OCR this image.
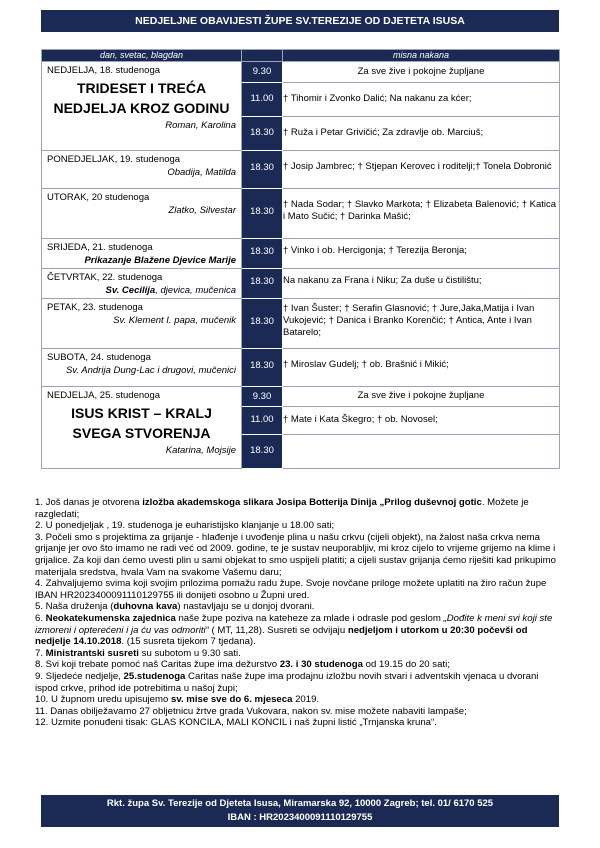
NEDJELJNE OBAVIJESTI ŽUPE SV.TEREZIJE OD DJETETA ISUSA
dan, svetac, blagdan		misna nakana

NEDJELJA, 18. studenoga
TRIDESET I TREĆA NEDJELJA KROZ GODINU
Roman, Karolina	9.30	Za sve žive i pokojne župljane

11.00	† Tihomir i Zvonko Dalić; Na nakanu za kćer;

18.30	† Ruža i Petar Grivičić; Za zdravlje ob. Marciuš;

PONEDJELJAK, 19. studenoga
Obadija, Matilda	18.30	† Josip Jambrec; † Stjepan Kerovec i roditelji;† Tonela Dobronić

UTORAK, 20 studenoga
Zlatko, Silvestar	18.30	† Nada Sodar; † Slavko Markota; † Elizabeta Balenović; † Katica i Mato Sučić; † Darinka Mašić;

SRIJEDA, 21. studenoga
Prikazanje Blažene Djevice Marije	18.30	† Vinko i ob. Hercigonja; † Terezija Beronja;

ČETVRTAK, 22. studenoga
Sv. Cecilija, djevica, mučenica	18.30	Na nakanu za Frana i Niku; Za duše u čistilištu;

PETAK, 23. studenoga
Sv. Klement I. papa, mučenik	18.30	† Ivan Šuster; † Serafin Glasnović; † Jure,Jaka,Matija i Ivan Vukojević; † Danica i Branko Korenčić; † Antica, Ante i Ivan Batarelo;

SUBOTA, 24. studenoga
Sv. Andrija Dung-Lac i drugovi, mučenici	18.30	† Miroslav Gudelj; † ob. Brašnić i Mikić;

NEDJELJA, 25. studenoga
ISUS KRIST – KRALJ SVEGA STVORENJA
Katarina, Mojsije	9.30	Za sve žive i pokojne župljane

11.00	† Mate i Kata Škegro; † ob. Novosel;

18.30	

1. Još danas je otvorena izložba akademskoga slikara Josipa Botterija Dinija „Prilog duševnoj gotic. Možete je razgledati;

2. U ponedjeljak , 19. studenoga je euharistijsko klanjanje u 18.00 sati;

3. Počeli smo s projektima za grijanje - hlađenje i uvođenje plina u našu crkvu (cijeli objekt), na žalost naša crkva nema grijanje jer ovo što imamo ne radi već od 2009. godine, te je sustav neuporabljiv, mi kroz cijelo to vrijeme grijemo na klime i grijalice. Za koji dan ćemo uvesti plin u sami objekat to smo uspijeli platiti; a cijeli sustav grijanja ćemo riješiti kad prikupimo materijala sredstva, hvala Vam na svakome Vašemu daru;

4. Zahvaljujemo svima koji svojim prilozima pomažu radu župe. Svoje novčane priloge možete uplatiti na žiro račun župe IBAN HR2023400091110129755 ili donijeti osobno u Župni ured.

5. Naša druženja (duhovna kava) nastavljaju se u donjoj dvorani.

6. Neokatekumenska zajednica naše župe poziva na kateheze za mlade i odrasle pod geslom „Dođite k meni svi koji ste izmoreni i opterećeni i ja ću vas odmoriti“ ( MT, 11,28). Susreti se odvijaju nedjeljom i utorkom u 20:30 počevši od nedjelje 14.10.2018. (15 susreta tijekom 7 tjedana).

7. Ministrantski susreti su subotom u 9.30 sati.

8. Svi koji trebate pomoć naš Caritas župe ima dežurstvo 23. i 30 studenoga od 19.15 do 20 sati;

9. Sljedeće nedjelje, 25.studenoga Caritas naše župe ima prodajnu izložbu novih stvari i adventskih vjenaca u dvorani ispod crkve, prihod ide potrebitima u našoj župi;

10. U župnom uredu upisujemo sv. mise sve do 6. mjeseca 2019.

11. Danas obilježavamo 27 obljetnicu žrtve grada Vukovara, nakon sv. mise možete nabaviti lampaše;

12. Uzmite ponuđeni tisak: GLAS KONCILA, MALI KONCIL i naš župni listić „Trnjanska kruna“.

Rkt. župa Sv. Terezije od Djeteta Isusa, Miramarska 92, 10000 Zagreb; tel. 01/ 6170 525
IBAN : HR2023400091110129755
